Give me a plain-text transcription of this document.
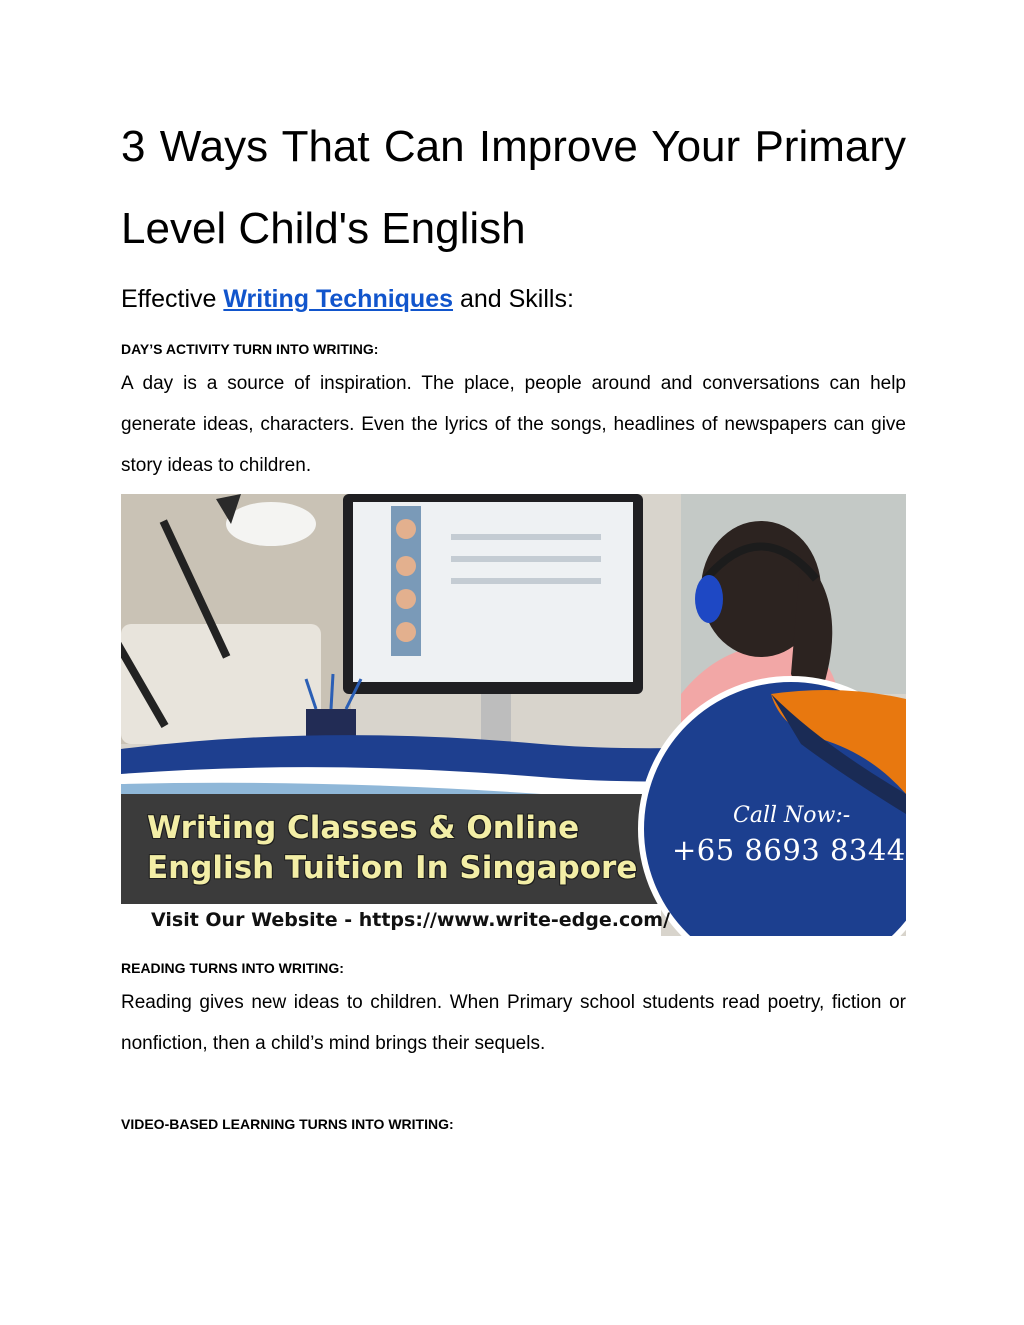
3 Ways That Can Improve Your Primary Level Child's English

Effective Writing Techniques and Skills:

DAY’S ACTIVITY TURN INTO WRITING:

A day is a source of inspiration. The place, people around and conversations can help generate ideas, characters. Even the lyrics of the songs, headlines of newspapers can give story ideas to children.

Writing Classes & Online English Tuition In Singapore

Visit Our Website - https://www.write-edge.com/

Call Now:-

+65 8693 8344

READING TURNS INTO WRITING:

Reading gives new ideas to children. When Primary school students read poetry, fiction or nonfiction, then a child’s mind brings their sequels.

VIDEO-BASED LEARNING TURNS INTO WRITING:
